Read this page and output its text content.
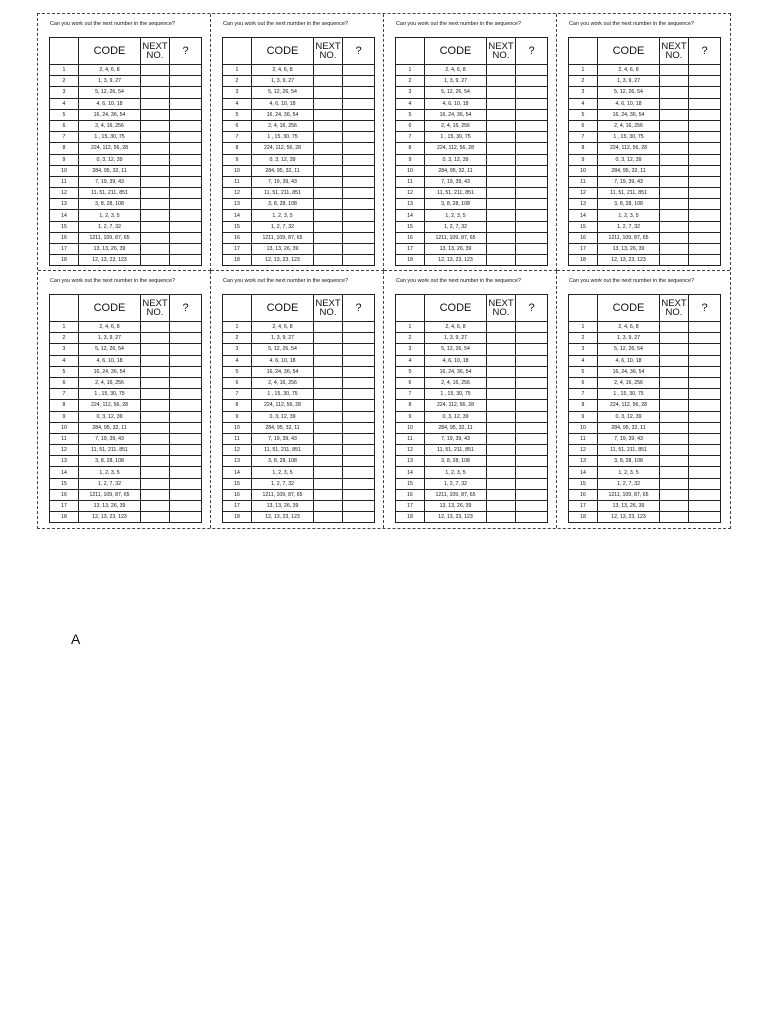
Can you work out the next number in the sequence?
	CODE	NEXT
NO.	?
1	2, 4, 6, 8		
2	1, 3, 9, 27		
3	5, 12, 26, 54		
4	4, 6, 10, 18		
5	16, 24, 36, 54		
6	2, 4, 16, 256		
7	1 , 15, 30, 75		
8	224, 112, 56, 28		
9	0, 3, 12, 39		
10	284, 95, 32, 11		
11	7, 19, 39, 43		
12	11, 51, 211, 851		
13	3, 8, 28, 108		
14	1, 2, 3, 5		
15	1, 2, 7, 32		
16	1211, 109, 87, 65		
17	13, 13, 26, 39		
18	12, 13, 23, 123		
Can you work out the next number in the sequence?
	CODE	NEXT
NO.	?
1	2, 4, 6, 8		
2	1, 3, 9, 27		
3	5, 12, 26, 54		
4	4, 6, 10, 18		
5	16, 24, 36, 54		
6	2, 4, 16, 256		
7	1 , 15, 30, 75		
8	224, 112, 56, 28		
9	0, 3, 12, 39		
10	284, 95, 32, 11		
11	7, 19, 39, 43		
12	11, 51, 211, 851		
13	3, 8, 28, 108		
14	1, 2, 3, 5		
15	1, 2, 7, 32		
16	1211, 109, 87, 65		
17	13, 13, 26, 39		
18	12, 13, 23, 123		
Can you work out the next number in the sequence?
	CODE	NEXT
NO.	?
1	2, 4, 6, 8		
2	1, 3, 9, 27		
3	5, 12, 26, 54		
4	4, 6, 10, 18		
5	16, 24, 36, 54		
6	2, 4, 16, 256		
7	1 , 15, 30, 75		
8	224, 112, 56, 28		
9	0, 3, 12, 39		
10	284, 95, 32, 11		
11	7, 19, 39, 43		
12	11, 51, 211, 851		
13	3, 8, 28, 108		
14	1, 2, 3, 5		
15	1, 2, 7, 32		
16	1211, 109, 87, 65		
17	13, 13, 26, 39		
18	12, 13, 23, 123		
Can you work out the next number in the sequence?
	CODE	NEXT
NO.	?
1	2, 4, 6, 8		
2	1, 3, 9, 27		
3	5, 12, 26, 54		
4	4, 6, 10, 18		
5	16, 24, 36, 54		
6	2, 4, 16, 256		
7	1 , 15, 30, 75		
8	224, 112, 56, 28		
9	0, 3, 12, 39		
10	284, 95, 32, 11		
11	7, 19, 39, 43		
12	11, 51, 211, 851		
13	3, 8, 28, 108		
14	1, 2, 3, 5		
15	1, 2, 7, 32		
16	1211, 109, 87, 65		
17	13, 13, 26, 39		
18	12, 13, 23, 123		
Can you work out the next number in the sequence?
	CODE	NEXT
NO.	?
1	2, 4, 6, 8		
2	1, 3, 9, 27		
3	5, 12, 26, 54		
4	4, 6, 10, 18		
5	16, 24, 36, 54		
6	2, 4, 16, 256		
7	1 , 15, 30, 75		
8	224, 112, 56, 28		
9	0, 3, 12, 39		
10	284, 95, 32, 11		
11	7, 19, 39, 43		
12	11, 51, 211, 851		
13	3, 8, 28, 108		
14	1, 2, 3, 5		
15	1, 2, 7, 32		
16	1211, 109, 87, 65		
17	13, 13, 26, 39		
18	12, 13, 23, 123		
Can you work out the next number in the sequence?
	CODE	NEXT
NO.	?
1	2, 4, 6, 8		
2	1, 3, 9, 27		
3	5, 12, 26, 54		
4	4, 6, 10, 18		
5	16, 24, 36, 54		
6	2, 4, 16, 256		
7	1 , 15, 30, 75		
8	224, 112, 56, 28		
9	0, 3, 12, 39		
10	284, 95, 32, 11		
11	7, 19, 39, 43		
12	11, 51, 211, 851		
13	3, 8, 28, 108		
14	1, 2, 3, 5		
15	1, 2, 7, 32		
16	1211, 109, 87, 65		
17	13, 13, 26, 39		
18	12, 13, 23, 123		
Can you work out the next number in the sequence?
	CODE	NEXT
NO.	?
1	2, 4, 6, 8		
2	1, 3, 9, 27		
3	5, 12, 26, 54		
4	4, 6, 10, 18		
5	16, 24, 36, 54		
6	2, 4, 16, 256		
7	1 , 15, 30, 75		
8	224, 112, 56, 28		
9	0, 3, 12, 39		
10	284, 95, 32, 11		
11	7, 19, 39, 43		
12	11, 51, 211, 851		
13	3, 8, 28, 108		
14	1, 2, 3, 5		
15	1, 2, 7, 32		
16	1211, 109, 87, 65		
17	13, 13, 26, 39		
18	12, 13, 23, 123		
Can you work out the next number in the sequence?
	CODE	NEXT
NO.	?
1	2, 4, 6, 8		
2	1, 3, 9, 27		
3	5, 12, 26, 54		
4	4, 6, 10, 18		
5	16, 24, 36, 54		
6	2, 4, 16, 256		
7	1 , 15, 30, 75		
8	224, 112, 56, 28		
9	0, 3, 12, 39		
10	284, 95, 32, 11		
11	7, 19, 39, 43		
12	11, 51, 211, 851		
13	3, 8, 28, 108		
14	1, 2, 3, 5		
15	1, 2, 7, 32		
16	1211, 109, 87, 65		
17	13, 13, 26, 39		
18	12, 13, 23, 123		
A
